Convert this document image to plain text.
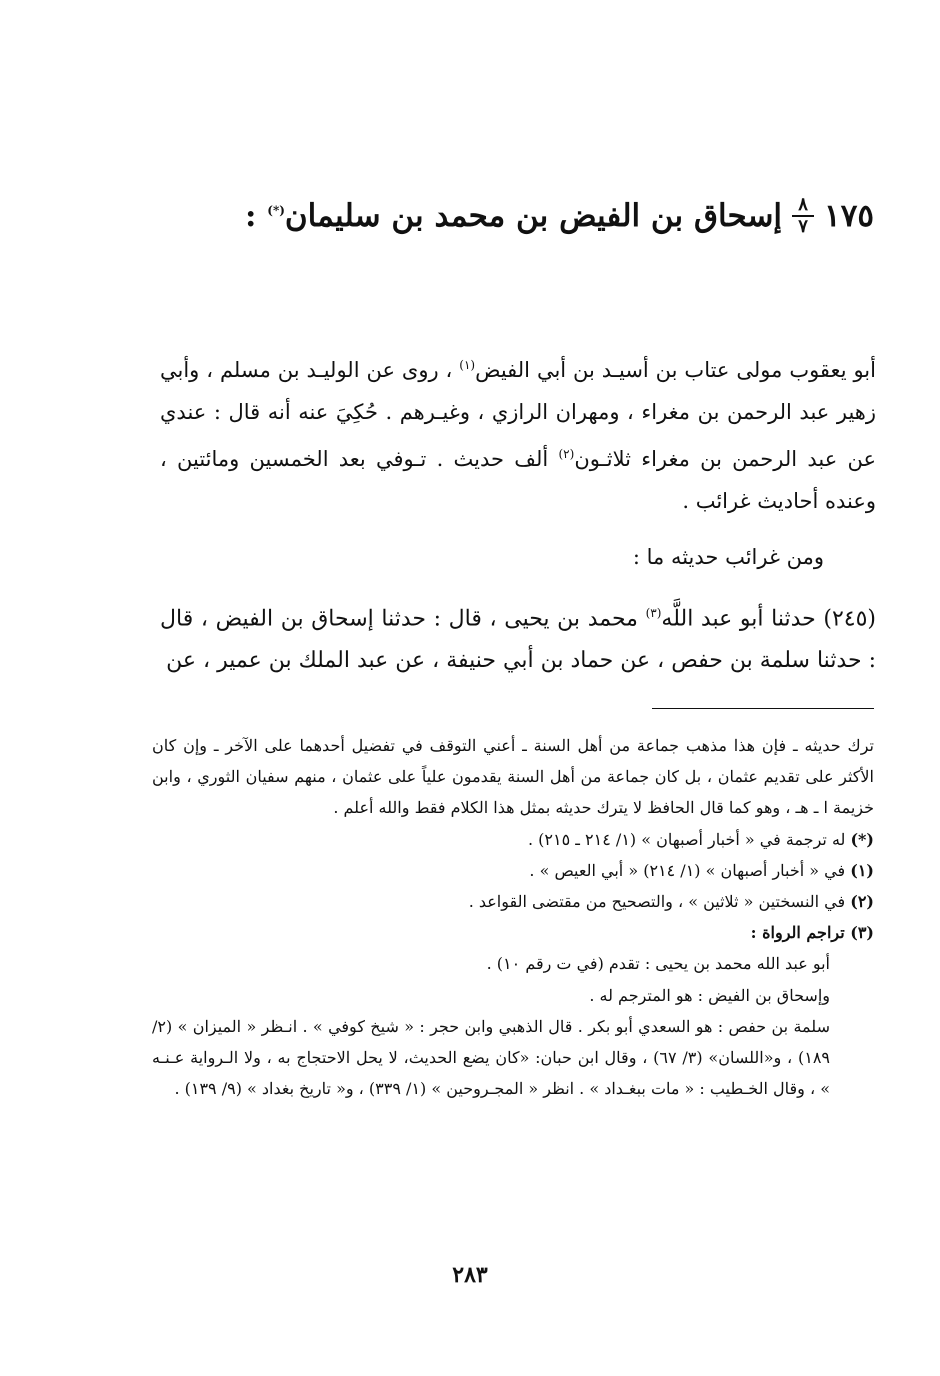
١٧٥
$\frac{٨}{٧}$
إسحاق بن الفيض بن محمد بن سليمان(*) :

أبو يعقوب مولى عتاب بن أسيـد بن أبي الفيض$^{(١)}$ ، روى عن الوليـد بن مسلم ، وأبي زهير عبد الرحمن بن مغراء ، ومهران الرازي ، وغيـرهم . حُكِيَ عنه أنه قال : عندي عن عبد الرحمن بن مغراء ثلاثـون$^{(٢)}$ ألف حديث . تـوفي بعد الخمسين ومائتين ، وعنده أحاديث غرائب .

ومن غرائب حديثه ما :

(٢٤٥) حدثنا أبو عبد اللَّه$^{(٣)}$ محمد بن يحيى ، قال : حدثنا إسحاق بن الفيض ، قال : حدثنا سلمة بن حفص ، عن حماد بن أبي حنيفة ، عن عبد الملك بن عمير ، عن

ترك حديثه ـ فإن هذا مذهب جماعة من أهل السنة ـ أعني التوقف في تفضيل أحدهما على الآخر ـ وإن كان الأكثر على تقديم عثمان ، بل كان جماعة من أهل السنة يقدمون علياً على عثمان ، منهم سفيان الثوري ، وابن خزيمة ا ـ هـ ، وهو كما قال الحافظ لا يترك حديثه بمثل هذا الكلام فقط والله أعلم .

(*) له ترجمة في « أخبار أصبهان » (١/ ٢١٤ ـ ٢١٥) .

(١) في « أخبار أصبهان » (١/ ٢١٤) « أبي العيص » .

(٢) في النسختين « ثلاثين » ، والتصحيح من مقتضى القواعد .

(٣) تراجم الرواة :

أبو عبد الله محمد بن يحيى : تقدم (في ت رقم ١٠) .

وإسحاق بن الفيض : هو المترجم له .

سلمة بن حفص : هو السعدي أبو بكر . قال الذهبي وابن حجر : « شيخ كوفي » . انـظر « الميزان » (٢/ ١٨٩) ، و«اللسان» (٣/ ٦٧) ، وقال ابن حبان: «كان يضع الحديث، لا يحل الاحتجاج به ، ولا الـرواية عـنـه » ، وقال الخـطيب : « مات ببغـداد » . انظر « المجـروحين » (١/ ٣٣٩) ، و« تاريخ بغداد » (٩/ ١٣٩) .

٢٨٣
